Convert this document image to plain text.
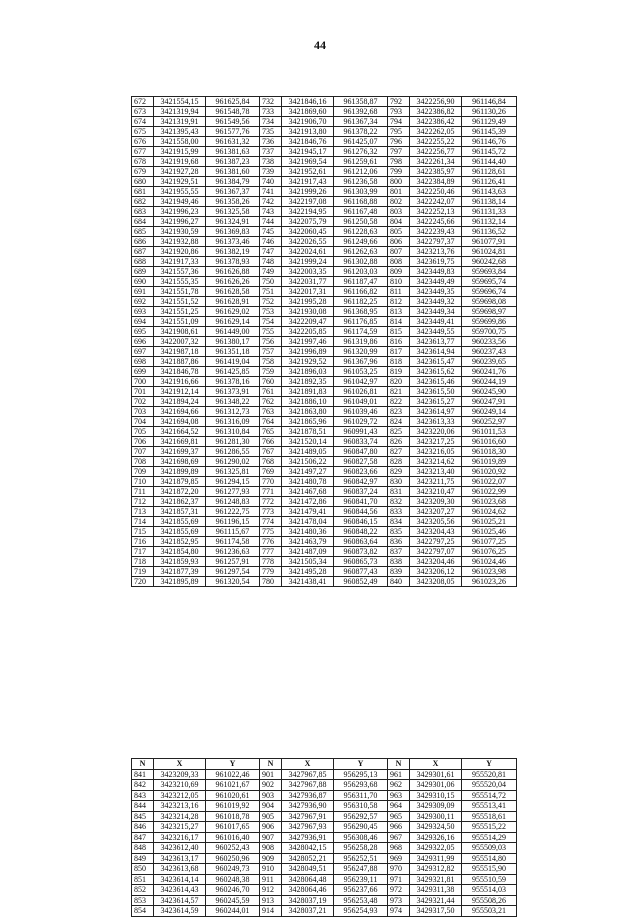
44
672	3421554,15	961625,84	732	3421846,16	961358,87	792	3422256,90	961146,84
673	3421319,94	961548,78	733	3421869,60	961392,68	793	3422386,82	961130,26
674	3421319,91	961549,56	734	3421906,70	961367,34	794	3422386,42	961129,49
675	3421395,43	961577,76	735	3421913,80	961378,22	795	3422262,05	961145,39
676	3421558,00	961631,32	736	3421846,76	961425,07	796	3422255,22	961146,76
677	3421915,99	961381,63	737	3421945,17	961276,32	797	3422256,77	961145,72
678	3421919,68	961387,23	738	3421969,54	961259,61	798	3422261,34	961144,40
679	3421927,28	961381,60	739	3421952,61	961212,06	799	3422385,97	961128,61
680	3421929,51	961384,79	740	3421917,43	961236,58	800	3422384,89	961126,41
681	3421955,55	961367,37	741	3421999,26	961303,99	801	3422250,46	961143,63
682	3421949,46	961358,26	742	3422197,08	961168,88	802	3422242,07	961138,14
683	3421996,23	961325,58	743	3422194,95	961167,48	803	3422252,13	961131,33
684	3421996,27	961324,91	744	3422075,79	961250,58	804	3422245,66	961132,14
685	3421930,59	961369,83	745	3422060,45	961228,63	805	3422239,43	961136,52
686	3421932,88	961373,46	746	3422026,55	961249,66	806	3422797,37	961077,91
687	3421920,86	961382,19	747	3422024,61	961262,63	807	3423213,76	961024,81
688	3421917,33	961378,93	748	3421999,24	961302,88	808	3423619,75	960242,68
689	3421557,36	961626,88	749	3422003,35	961203,03	809	3423449,83	959693,84
690	3421555,35	961626,26	750	3422031,77	961187,47	810	3423449,49	959695,74
691	3421551,78	961628,58	751	3422017,31	961166,82	811	3423449,35	959696,74
692	3421551,52	961628,91	752	3421995,28	961182,25	812	3423449,32	959698,08
693	3421551,25	961629,02	753	3421930,08	961368,95	813	3423449,34	959698,97
694	3421551,09	961629,14	754	3422209,47	961176,85	814	3423449,41	959699,86
695	3421908,61	961449,00	755	3422205,85	961174,59	815	3423449,55	959700,75
696	3422007,32	961380,17	756	3421997,46	961319,86	816	3423613,77	960233,56
697	3421987,18	961351,18	757	3421996,89	961320,99	817	3423614,94	960237,43
698	3421887,86	961419,04	758	3421929,52	961367,96	818	3423615,47	960239,65
699	3421846,78	961425,85	759	3421896,03	961053,25	819	3423615,62	960241,76
700	3421916,66	961378,16	760	3421892,35	961042,97	820	3423615,46	960244,19
701	3421912,14	961373,91	761	3421891,83	961026,81	821	3423615,50	960245,90
702	3421894,24	961348,22	762	3421886,10	961049,01	822	3423615,27	960247,91
703	3421694,66	961312,73	763	3421863,80	961039,46	823	3423614,97	960249,14
704	3421694,08	961316,09	764	3421865,96	961029,72	824	3423613,33	960252,97
705	3421664,52	961310,84	765	3421878,51	960991,43	825	3423220,06	961011,53
706	3421669,81	961281,30	766	3421520,14	960833,74	826	3423217,25	961016,60
707	3421699,37	961286,55	767	3421489,05	960847,80	827	3423216,05	961018,30
708	3421698,69	961290,02	768	3421506,22	960827,58	828	3423214,62	961019,89
709	3421899,89	961325,81	769	3421497,27	960823,66	829	3423213,40	961020,92
710	3421879,85	961294,15	770	3421480,78	960842,97	830	3423211,75	961022,07
711	3421872,20	961277,93	771	3421467,68	960837,24	831	3423210,47	961022,99
712	3421862,37	961248,83	772	3421472,86	960841,70	832	3423209,30	961023,68
713	3421857,31	961222,75	773	3421479,41	960844,56	833	3423207,27	961024,62
714	3421855,69	961196,15	774	3421478,04	960846,15	834	3423205,56	961025,21
715	3421855,69	961115,67	775	3421480,36	960848,22	835	3423204,43	961025,46
716	3421852,95	961174,58	776	3421463,79	960863,64	836	3422797,25	961077,25
717	3421854,80	961236,63	777	3421487,09	960873,82	837	3422797,07	961076,25
718	3421859,93	961257,91	778	3421505,34	960865,73	838	3423204,46	961024,46
719	3421877,39	961297,54	779	3421495,28	960877,43	839	3423206,12	961023,98
720	3421895,89	961320,54	780	3421438,41	960852,49	840	3423208,05	961023,26
N	X	Y	N	X	Y	N	X	Y
841	3423209,33	961022,46	901	3427967,85	956295,13	961	3429301,61	955520,81
842	3423210,69	961021,67	902	3427967,88	956293,68	962	3429301,06	955520,04
843	3423212,05	961020,61	903	3427936,87	956311,70	963	3429310,15	955514,72
844	3423213,16	961019,92	904	3427936,90	956310,58	964	3429309,09	955513,41
845	3423214,28	961018,78	905	3427967,91	956292,57	965	3429300,11	955518,61
846	3423215,27	961017,65	906	3427967,93	956290,45	966	3429324,50	955515,22
847	3423216,17	961016,40	907	3427936,91	956308,46	967	3429326,16	955514,29
848	3423612,40	960252,43	908	3428042,15	956258,28	968	3429322,05	955509,03
849	3423613,17	960250,96	909	3428052,21	956252,51	969	3429311,99	955514,80
850	3423613,68	960249,73	910	3428049,51	956247,88	970	3429312,82	955515,90
851	3423614,14	960248,38	911	3428064,48	956239,11	971	3429321,81	955510,59
852	3423614,43	960246,70	912	3428064,46	956237,66	972	3429311,38	955514,03
853	3423614,57	960245,59	913	3428037,19	956253,48	973	3429321,44	955508,26
854	3423614,59	960244,01	914	3428037,21	956254,93	974	3429317,50	955503,21
